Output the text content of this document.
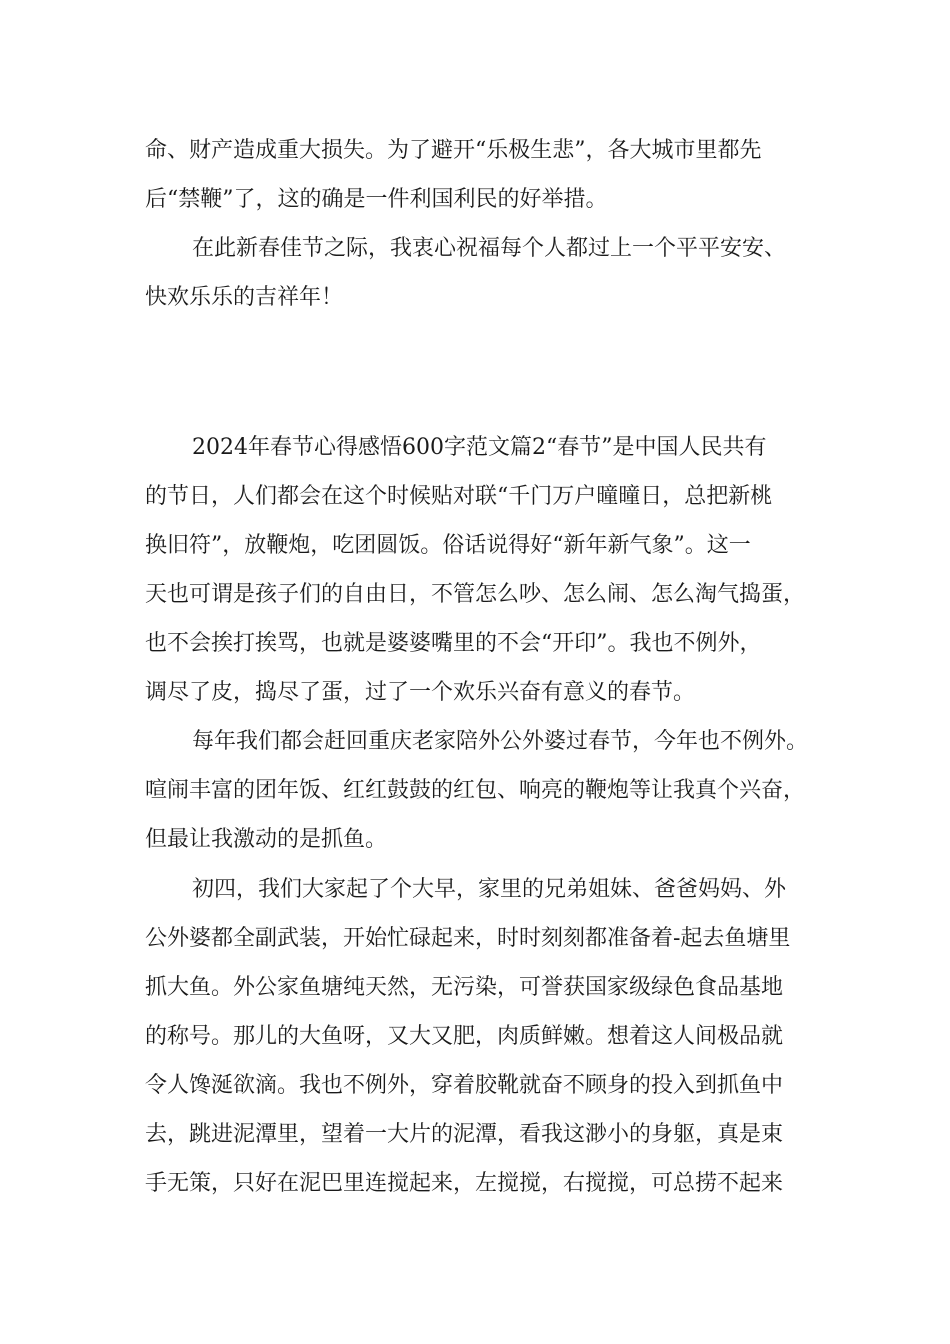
命、财产造成重大损失。为了避开“乐极生悲”，各大城市里都先
后“禁鞭”了，这的确是一件利国利民的好举措。
在此新春佳节之际，我衷心祝福每个人都过上一个平平安安、
快欢乐乐的吉祥年！
2024年春节心得感悟600字范文篇2“春节”是中国人民共有
的节日，人们都会在这个时候贴对联“千门万户曈曈日，总把新桃
换旧符”，放鞭炮，吃团圆饭。俗话说得好“新年新气象”。这一
天也可谓是孩子们的自由日，不管怎么吵、怎么闹、怎么淘气捣蛋，
也不会挨打挨骂，也就是婆婆嘴里的不会“开印”。我也不例外，
调尽了皮，捣尽了蛋，过了一个欢乐兴奋有意义的春节。
每年我们都会赶回重庆老家陪外公外婆过春节，今年也不例外。
喧闹丰富的团年饭、红红鼓鼓的红包、响亮的鞭炮等让我真个兴奋，
但最让我激动的是抓鱼。
初四，我们大家起了个大早，家里的兄弟姐妹、爸爸妈妈、外
公外婆都全副武装，开始忙碌起来，时时刻刻都准备着-起去鱼塘里
抓大鱼。外公家鱼塘纯天然，无污染，可誉获国家级绿色食品基地
的称号。那儿的大鱼呀，又大又肥，肉质鲜嫩。想着这人间极品就
令人馋涎欲滴。我也不例外，穿着胶靴就奋不顾身的投入到抓鱼中
去，跳进泥潭里，望着一大片的泥潭，看我这渺小的身躯，真是束
手无策，只好在泥巴里连搅起来，左搅搅，右搅搅，可总捞不起来
